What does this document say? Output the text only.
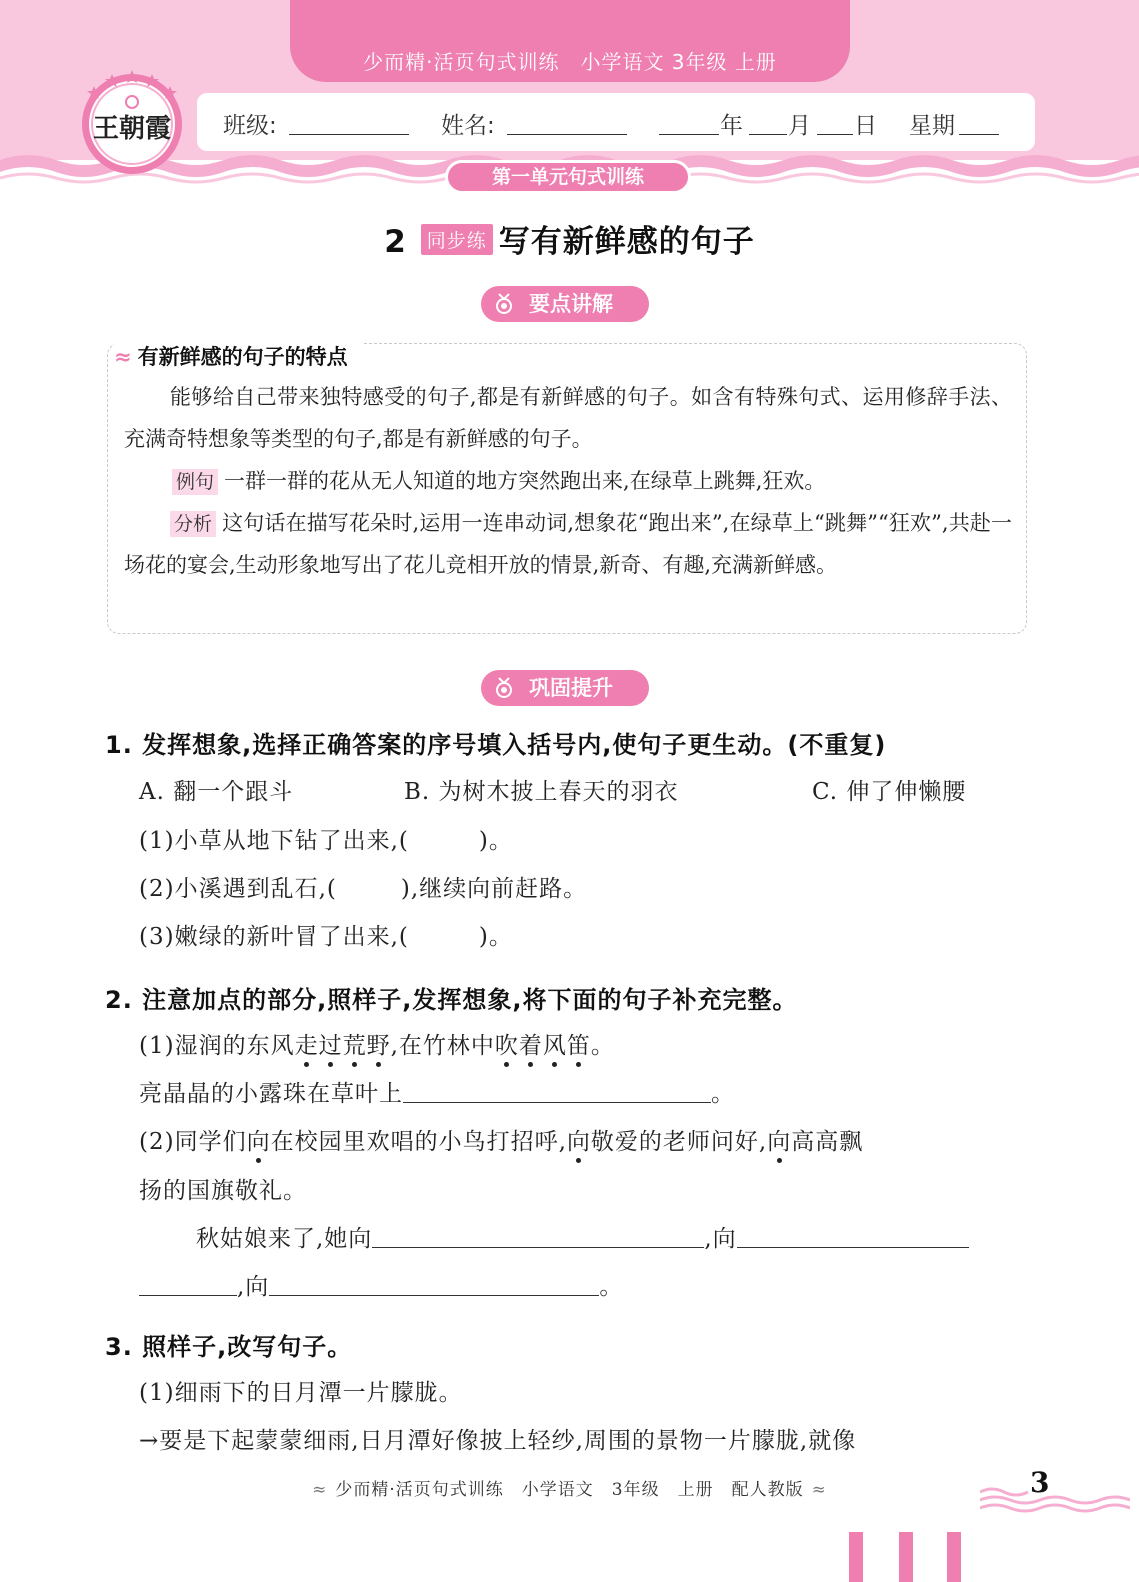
少而精·活页句式训练　小学语文 3年级 上册
班级:	姓名:	年 月 日 星期
王朝霞
第一单元句式训练
2 同步练 写有新鲜感的句子
要点讲解
≈ 有新鲜感的句子的特点
能够给自己带来独特感受的句子,都是有新鲜感的句子。如含有特殊句式、运用修辞手法、充满奇特想象等类型的句子,都是有新鲜感的句子。
例句 一群一群的花从无人知道的地方突然跑出来,在绿草上跳舞,狂欢。
分析 这句话在描写花朵时,运用一连串动词,想象花“跑出来”,在绿草上“跳舞”“狂欢”,共赴一场花的宴会,生动形象地写出了花儿竞相开放的情景,新奇、有趣,充满新鲜感。
巩固提升
1. 发挥想象,选择正确答案的序号填入括号内,使句子更生动。(不重复)
A. 翻一个跟斗	B. 为树木披上春天的羽衣	C. 伸了伸懒腰
(1)小草从地下钻了出来,(	)。
(2)小溪遇到乱石,(	),继续向前赶路。
(3)嫩绿的新叶冒了出来,(	)。
2. 注意加点的部分,照样子,发挥想象,将下面的句子补充完整。
(1)湿润的东风走过荒野,在竹林中吹着风笛。
亮晶晶的小露珠在草叶上	。
(2)同学们向在校园里欢唱的小鸟打招呼,向敬爱的老师问好,向高高飘
扬的国旗敬礼。
秋姑娘来了,她向	,向
,向	。
3. 照样子,改写句子。
(1)细雨下的日月潭一片朦胧。
→要是下起蒙蒙细雨,日月潭好像披上轻纱,周围的景物一片朦胧,就像
≈ 少而精·活页句式训练　小学语文　3年级　上册　配人教版 ≈	3
